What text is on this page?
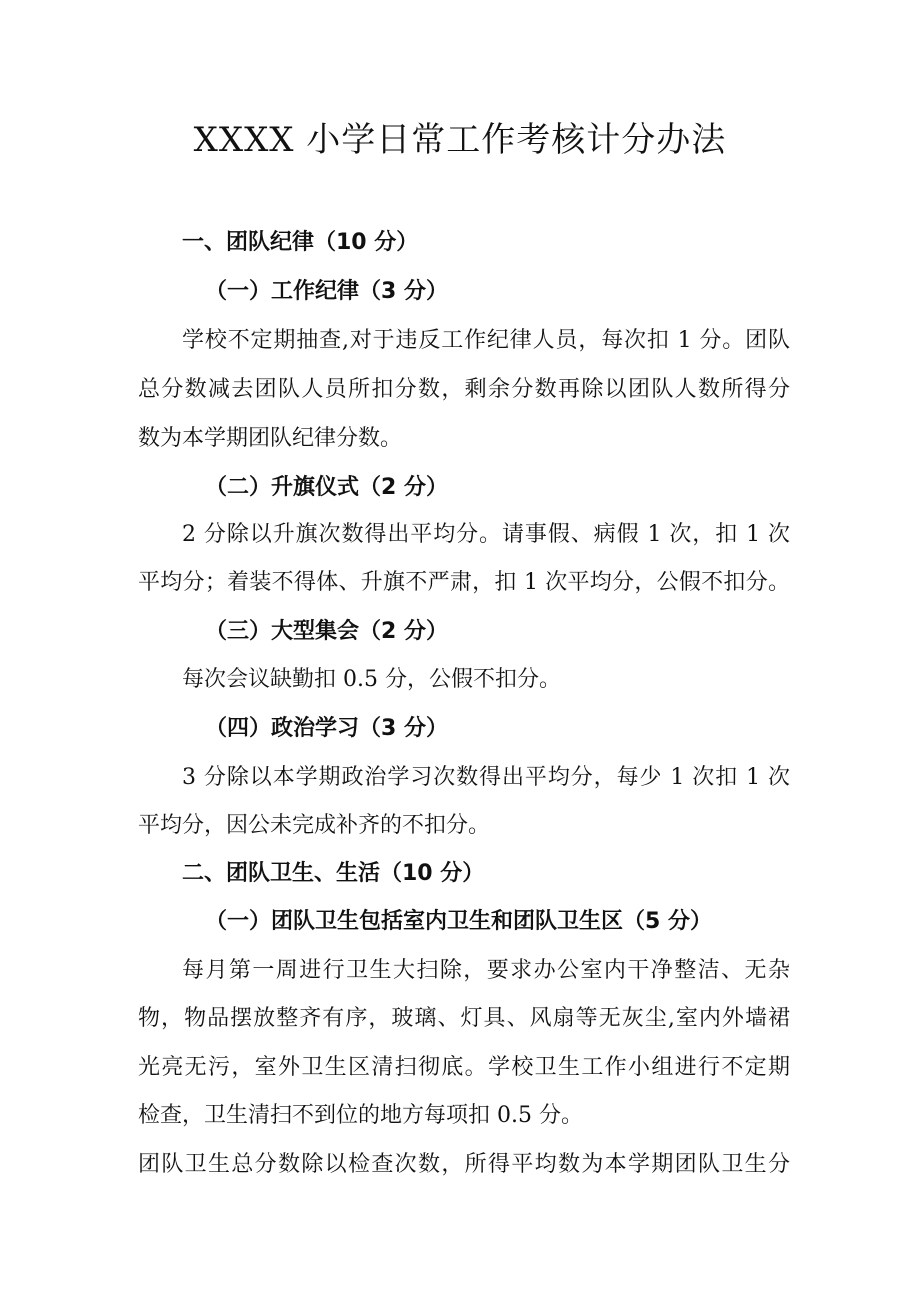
XXXX 小学日常工作考核计分办法

一、团队纪律（10 分）

（一）工作纪律（3 分）

学校不定期抽查,对于违反工作纪律人员，每次扣 1 分。团队

总分数减去团队人员所扣分数，剩余分数再除以团队人数所得分

数为本学期团队纪律分数。

（二）升旗仪式（2 分）

2 分除以升旗次数得出平均分。请事假、病假 1 次，扣 1 次

平均分；着装不得体、升旗不严肃，扣 1 次平均分，公假不扣分。

（三）大型集会（2 分）

每次会议缺勤扣 0.5 分，公假不扣分。

（四）政治学习（3 分）

3 分除以本学期政治学习次数得出平均分，每少 1 次扣 1 次

平均分，因公未完成补齐的不扣分。

二、团队卫生、生活（10 分）

（一）团队卫生包括室内卫生和团队卫生区（5 分）

每月第一周进行卫生大扫除，要求办公室内干净整洁、无杂

物，物品摆放整齐有序，玻璃、灯具、风扇等无灰尘,室内外墙裙

光亮无污，室外卫生区清扫彻底。学校卫生工作小组进行不定期

检查，卫生清扫不到位的地方每项扣 0.5 分。

团队卫生总分数除以检查次数，所得平均数为本学期团队卫生分
